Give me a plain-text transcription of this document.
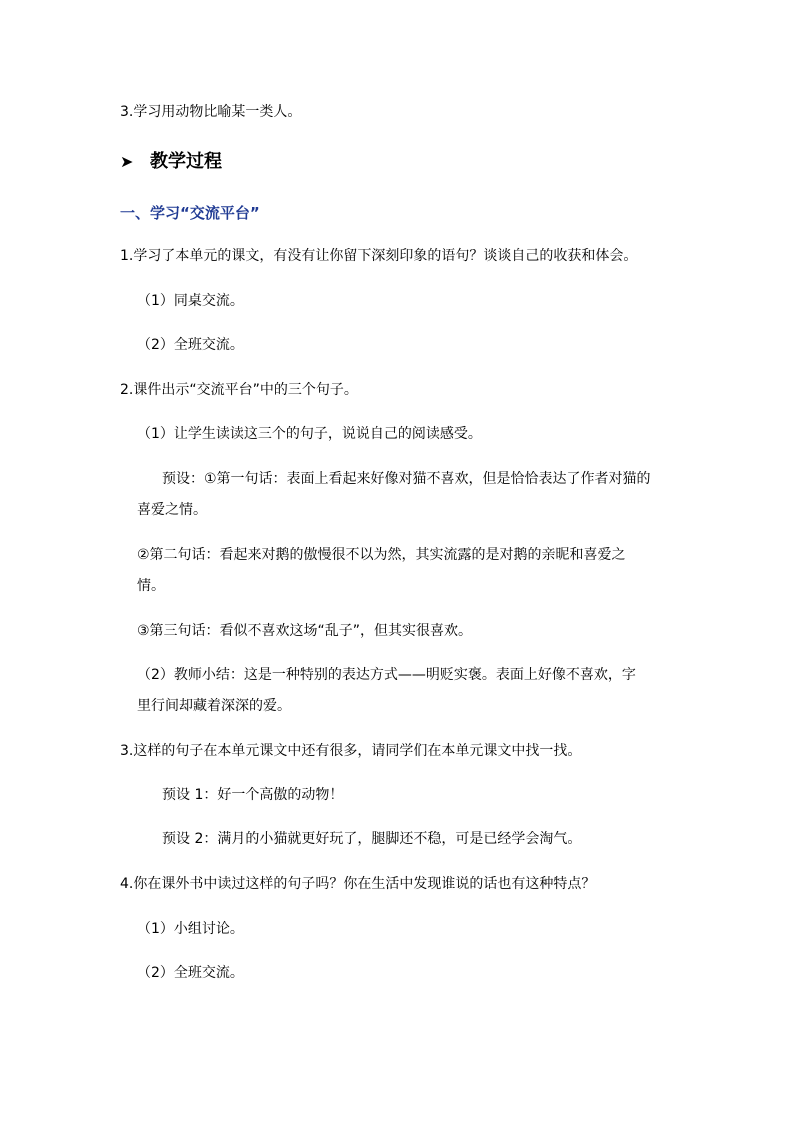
3.学习用动物比喻某一类人。
➤ 教学过程
一、学习“交流平台”
1.学习了本单元的课文，有没有让你留下深刻印象的语句？谈谈自己的收获和体会。
（1）同桌交流。
（2）全班交流。
2.课件出示“交流平台”中的三个句子。
（1）让学生读读这三个的句子，说说自己的阅读感受。
预设：①第一句话：表面上看起来好像对猫不喜欢，但是恰恰表达了作者对猫的
喜爱之情。
②第二句话：看起来对鹅的傲慢很不以为然，其实流露的是对鹅的亲昵和喜爱之
情。
③第三句话：看似不喜欢这场“乱子”，但其实很喜欢。
（2）教师小结：这是一种特别的表达方式——明贬实褒。表面上好像不喜欢，字
里行间却藏着深深的爱。
3.这样的句子在本单元课文中还有很多，请同学们在本单元课文中找一找。
预设 1：好一个高傲的动物！
预设 2：满月的小猫就更好玩了，腿脚还不稳，可是已经学会淘气。
4.你在课外书中读过这样的句子吗？你在生活中发现谁说的话也有这种特点？
（1）小组讨论。
（2）全班交流。
